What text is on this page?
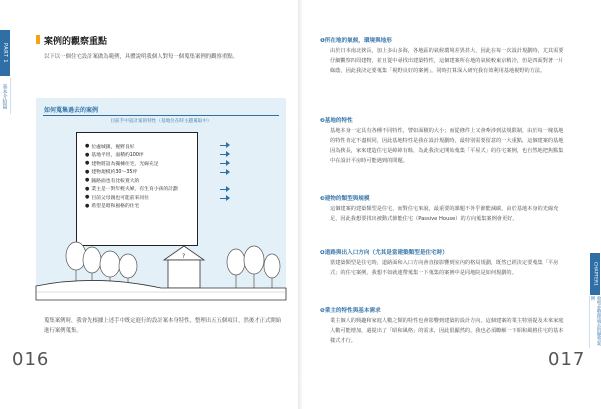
PART 1
基本介紹篇
案例的觀察重點
以下以一個住宅設計案做為範例，具體說明我個人對每一個蒐集案例的觀察重點。
如何蒐集過去的案例
目前手中設計案的特性（基地位在時主題蒐取中）
● 位處城鎮，視野良好
● 基地平坦，面積約100坪
● 建物將設為獨棟住宅，光線充足
● 建物規模約30～35坪
● 隨路面也有比較寬大的
● 業主是一對年輕夫婦，有生育小孩的計劃
● 目前父母親也可能前來同住
● 希望是昭和風格的住宅
?
蒐集案例時，我會先根據上述手中既定進行的設計案本身特性，整理出五五個項目，然後才正式開始進行案例蒐集。
016
CHAPTER1
收集並整理過去的優秀案例
❶所在地的氣候，環境與地形
由於日本南北狹長，加上多山多海，各地區的氣候環境差異甚大，因此在每一次設計規劃時，尤其需要仔細觀察四周建物，並且從中尋找出建築特性，這個建案所在地的氣候較東京稍冷，但是四面對著一片綠蔭，因此我決定要蒐集「視野良好的案例」，同時打算深入研究我有效利用基地視野的方法。
❷基地的特性
基地本身一定具有各種不同特性，譬如面積的大小；而從條件上又會牽涉到法規限制，由於每一塊基地的特性肯定不盡相同，因此基地特性是我在設計規劃時，最特別需要留意的一大重點，這個建案的基地因為狹長，家來建造住宅是綽綽有餘，為此我決定開始蒐集「平屋式」的住宅案例，也自然地把焦點集中在設計平房時可能遇到的問題。
❸建物的類型與規模
這個建案的建築類型是住宅，而對住宅來說，最重要的課題不外乎節能減碳，由於基地本身的光線充足，因此我想要找出被動式節能住宅（Passive House）的方向蒐集案例會更好。
❹道路與出入口方向（尤其是當建築類型是住宅時）
當建築類型是住宅時，道路面和入口方向會直接影響到室內的格局規劃，既然已經決定要蒐集「平房式」的住宅案例，我想不如就連帶蒐集一下蒐集的案例中是同地院是如何規劃的。
❺業主的特性與基本需求
業主個人的興趣和家庭人數之類的特性也會影響到建築的設計方向，這個建案的業主特別提及未來家庭人數可能增加，還提出了「昭和風格」的需求，因此很顯然的，我也必須瞭解一下昭和風格住宅的基本樣式才行。
017
